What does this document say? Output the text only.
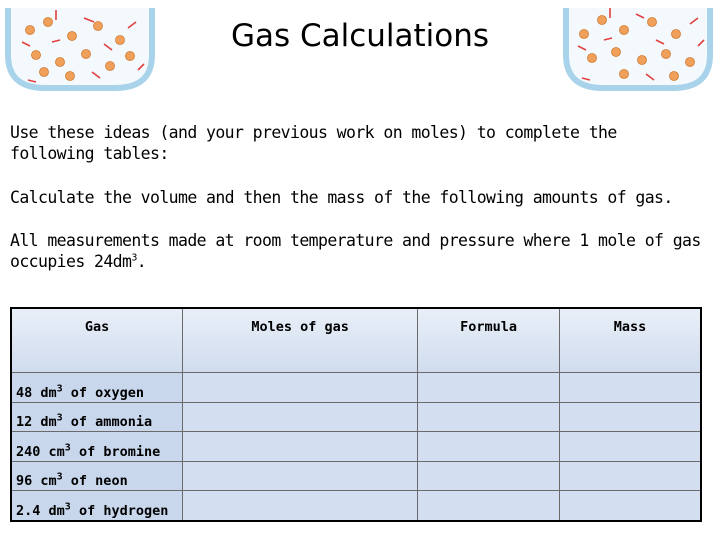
Gas Calculations
Use these ideas (and your previous work on moles) to complete the following tables:
Calculate the volume and then the mass of the following amounts of gas.
All measurements made at room temperature and pressure where 1 mole of gas occupies $24dm^3$.
Gas	Moles of gas	Formula	Mass
48 $dm^3$ of oxygen			
12 $dm^3$ of ammonia			
240 $cm^3$ of bromine			
96 $cm^3$ of neon			
2.4 $dm^3$ of hydrogen			
